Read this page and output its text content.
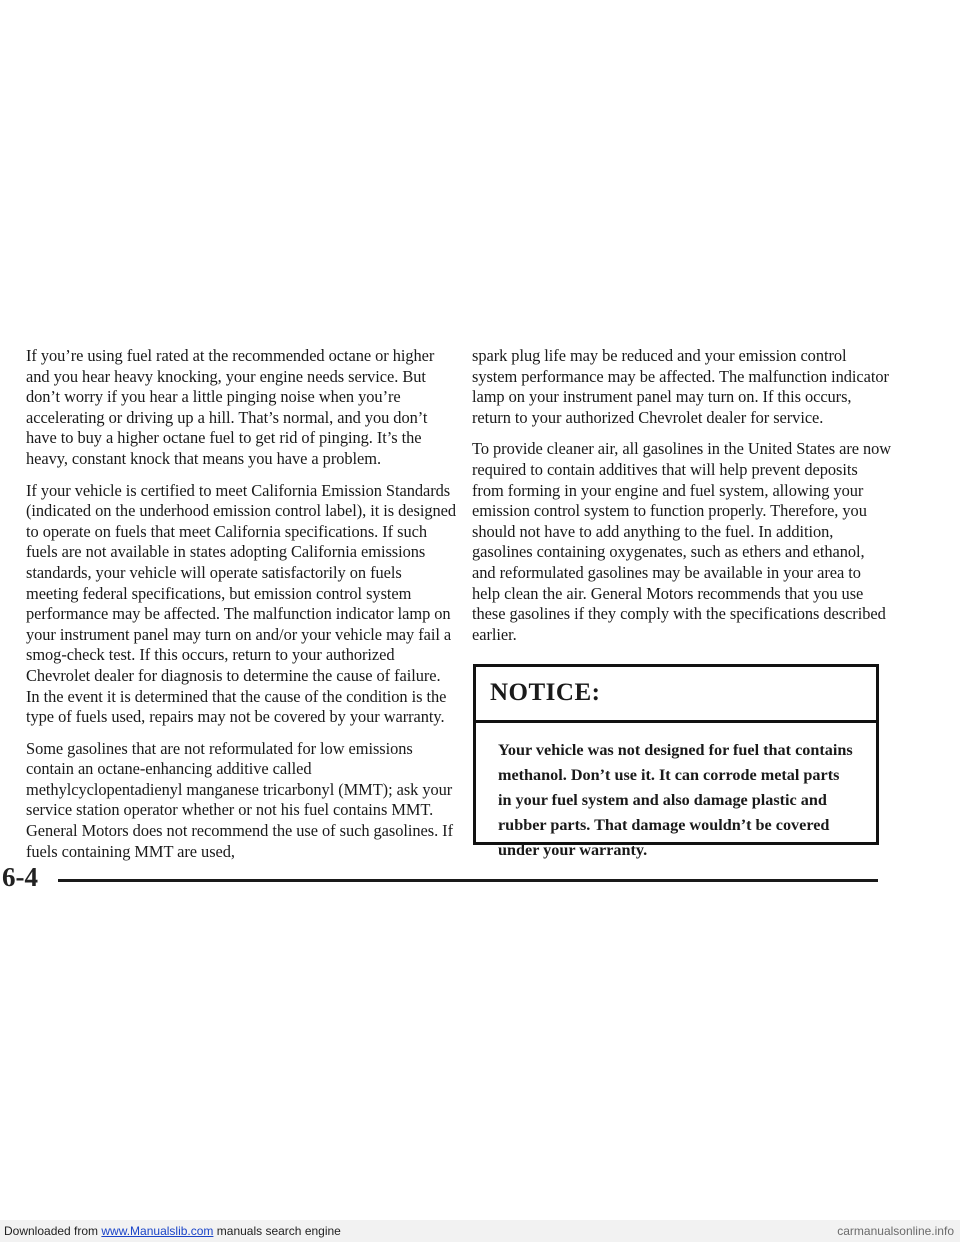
If you’re using fuel rated at the recommended octane or higher and you hear heavy knocking, your engine needs service. But don’t worry if you hear a little pinging noise when you’re accelerating or driving up a hill. That’s normal, and you don’t have to buy a higher octane fuel to get rid of pinging. It’s the heavy, constant knock that means you have a problem.

If your vehicle is certified to meet California Emission Standards (indicated on the underhood emission control label), it is designed to operate on fuels that meet California specifications. If such fuels are not available in states adopting California emissions standards, your vehicle will operate satisfactorily on fuels meeting federal specifications, but emission control system performance may be affected. The malfunction indicator lamp on your instrument panel may turn on and/or your vehicle may fail a smog-check test. If this occurs, return to your authorized Chevrolet dealer for diagnosis to determine the cause of failure. In the event it is determined that the cause of the condition is the type of fuels used, repairs may not be covered by your warranty.

Some gasolines that are not reformulated for low emissions contain an octane-enhancing additive called methylcyclopentadienyl manganese tricarbonyl (MMT); ask your service station operator whether or not his fuel contains MMT. General Motors does not recommend the use of such gasolines. If fuels containing MMT are used,

spark plug life may be reduced and your emission control system performance may be affected. The malfunction indicator lamp on your instrument panel may turn on. If this occurs, return to your authorized Chevrolet dealer for service.

To provide cleaner air, all gasolines in the United States are now required to contain additives that will help prevent deposits from forming in your engine and fuel system, allowing your emission control system to function properly. Therefore, you should not have to add anything to the fuel. In addition, gasolines containing oxygenates, such as ethers and ethanol, and reformulated gasolines may be available in your area to help clean the air. General Motors recommends that you use these gasolines if they comply with the specifications described earlier.

NOTICE:
Your vehicle was not designed for fuel that contains methanol. Don’t use it. It can corrode metal parts in your fuel system and also damage plastic and rubber parts. That damage wouldn’t be covered under your warranty.
6-4
Downloaded from www.Manualslib.com manuals search engine	carmanualsonline.info
